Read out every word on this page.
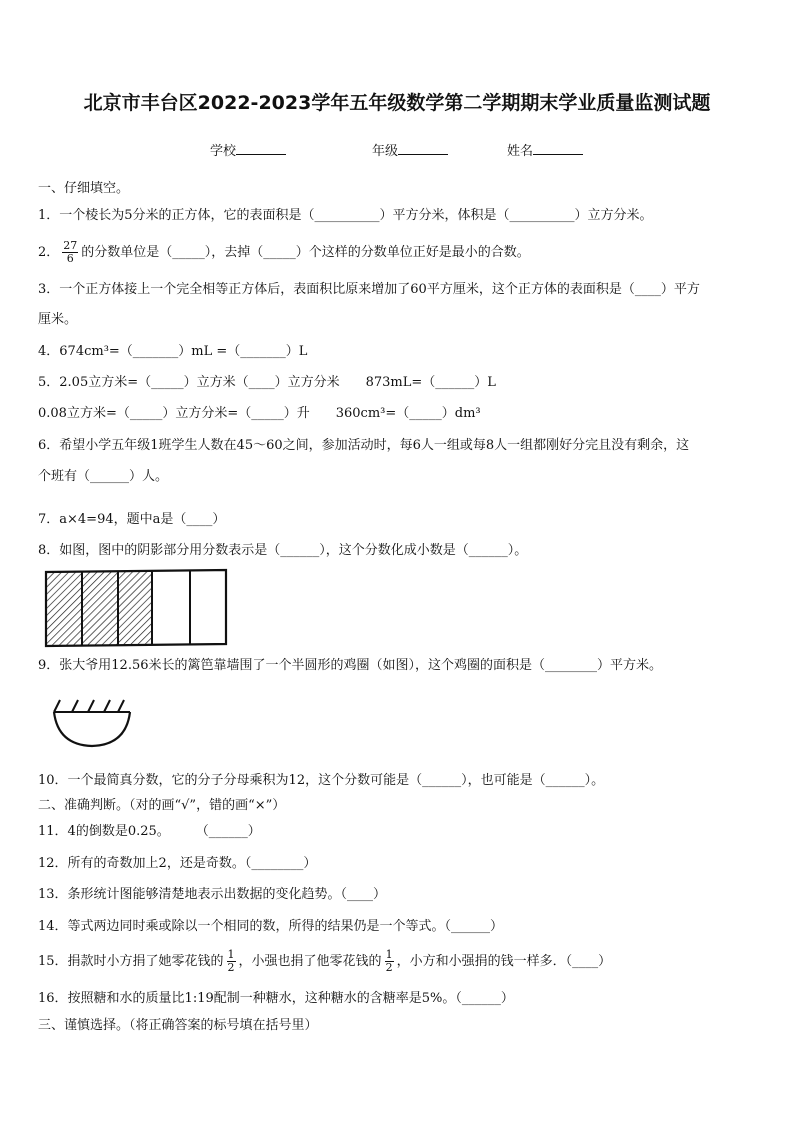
北京市丰台区2022-2023学年五年级数学第二学期期末学业质量监测试题
学校	年级	姓名
一、仔细填空。
1．一个棱长为5分米的正方体，它的表面积是（__________）平方分米，体积是（__________）立方分米。
2． $\frac{27}{6}$ 的分数单位是（_____），去掉（_____）个这样的分数单位正好是最小的合数。
3．一个正方体接上一个完全相等正方体后，表面积比原来增加了60平方厘米，这个正方体的表面积是（____）平方
厘米。
4．674cm³=（_______）mL =（_______）L
5．2.05立方米=（_____）立方米（____）立方分米　　873mL=（______）L
0.08立方米=（_____）立方分米=（_____）升　　360cm³=（_____）dm³
6．希望小学五年级1班学生人数在45～60之间，参加活动时，每6人一组或每8人一组都刚好分完且没有剩余，这
个班有（______）人。
7．a×4=94，题中a是（____）
8．如图，图中的阴影部分用分数表示是（______），这个分数化成小数是（______）。
9．张大爷用12.56米长的篱笆靠墙围了一个半圆形的鸡圈（如图），这个鸡圈的面积是（________）平方米。
10．一个最简真分数，它的分子分母乘积为12，这个分数可能是（______），也可能是（______）。
二、准确判断。（对的画“√”，错的画“×”）
11．4的倒数是0.25。　　　（______）
12．所有的奇数加上2，还是奇数。（________）
13．条形统计图能够清楚地表示出数据的变化趋势。（____）
14．等式两边同时乘或除以一个相同的数，所得的结果仍是一个等式。（______）
15．捐款时小方捐了她零花钱的 $\frac{1}{2}$ ，小强也捐了他零花钱的 $\frac{1}{2}$ ，小方和小强捐的钱一样多．（____）
16．按照糖和水的质量比1:19配制一种糖水，这种糖水的含糖率是5%。（______）
三、谨慎选择。（将正确答案的标号填在括号里）
